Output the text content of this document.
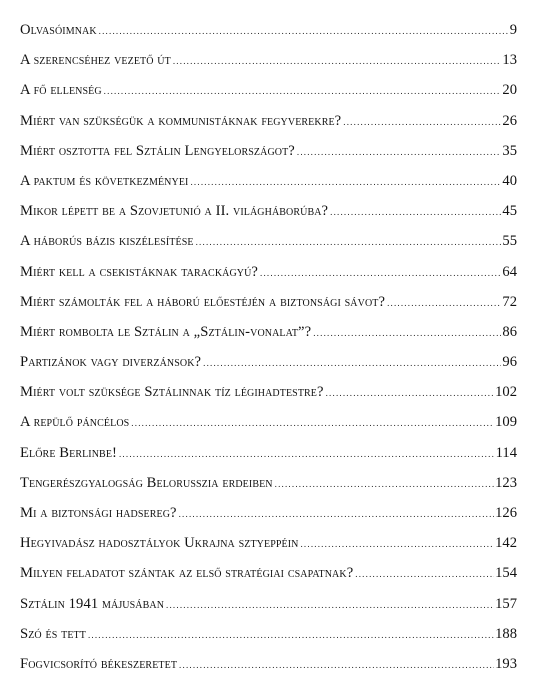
Olvasóimnak .....	9
A szerencséhez vezető út .....	13
A fő ellenség .....	20
Miért van szükségük a kommunistáknak fegyverekre? .....	26
Miért osztotta fel Sztálin Lengyelországot? .....	35
A paktum és következményei .....	40
Mikor lépett be a Szovjetunió a II. világháborúba? .....	45
A háborús bázis kiszélesítése .....	55
Miért kell a csekistáknak tarackágyú? .....	64
Miért számolták fel a háború előestéjén a biztonsági sávot? .....	72
Miért rombolta le Sztálin a „Sztálin-vonalat”? .....	86
Partizánok vagy diverzánsok? .....	96
Miért volt szüksége Sztálinnak tíz légihadtestre? .....	102
A repülő páncélos .....	109
Előre Berlinbe! .....	114
Tengerészgyalogság Belorusszia erdeiben .....	123
Mi a biztonsági hadsereg? .....	126
Hegyivadász hadosztályok Ukrajna sztyeppéin .....	142
Milyen feladatot szántak az első stratégiai csapatnak? .....	154
Sztálin 1941 májusában .....	157
Szó és tett .....	188
Fogvicsorító békeszeretet .....	193
